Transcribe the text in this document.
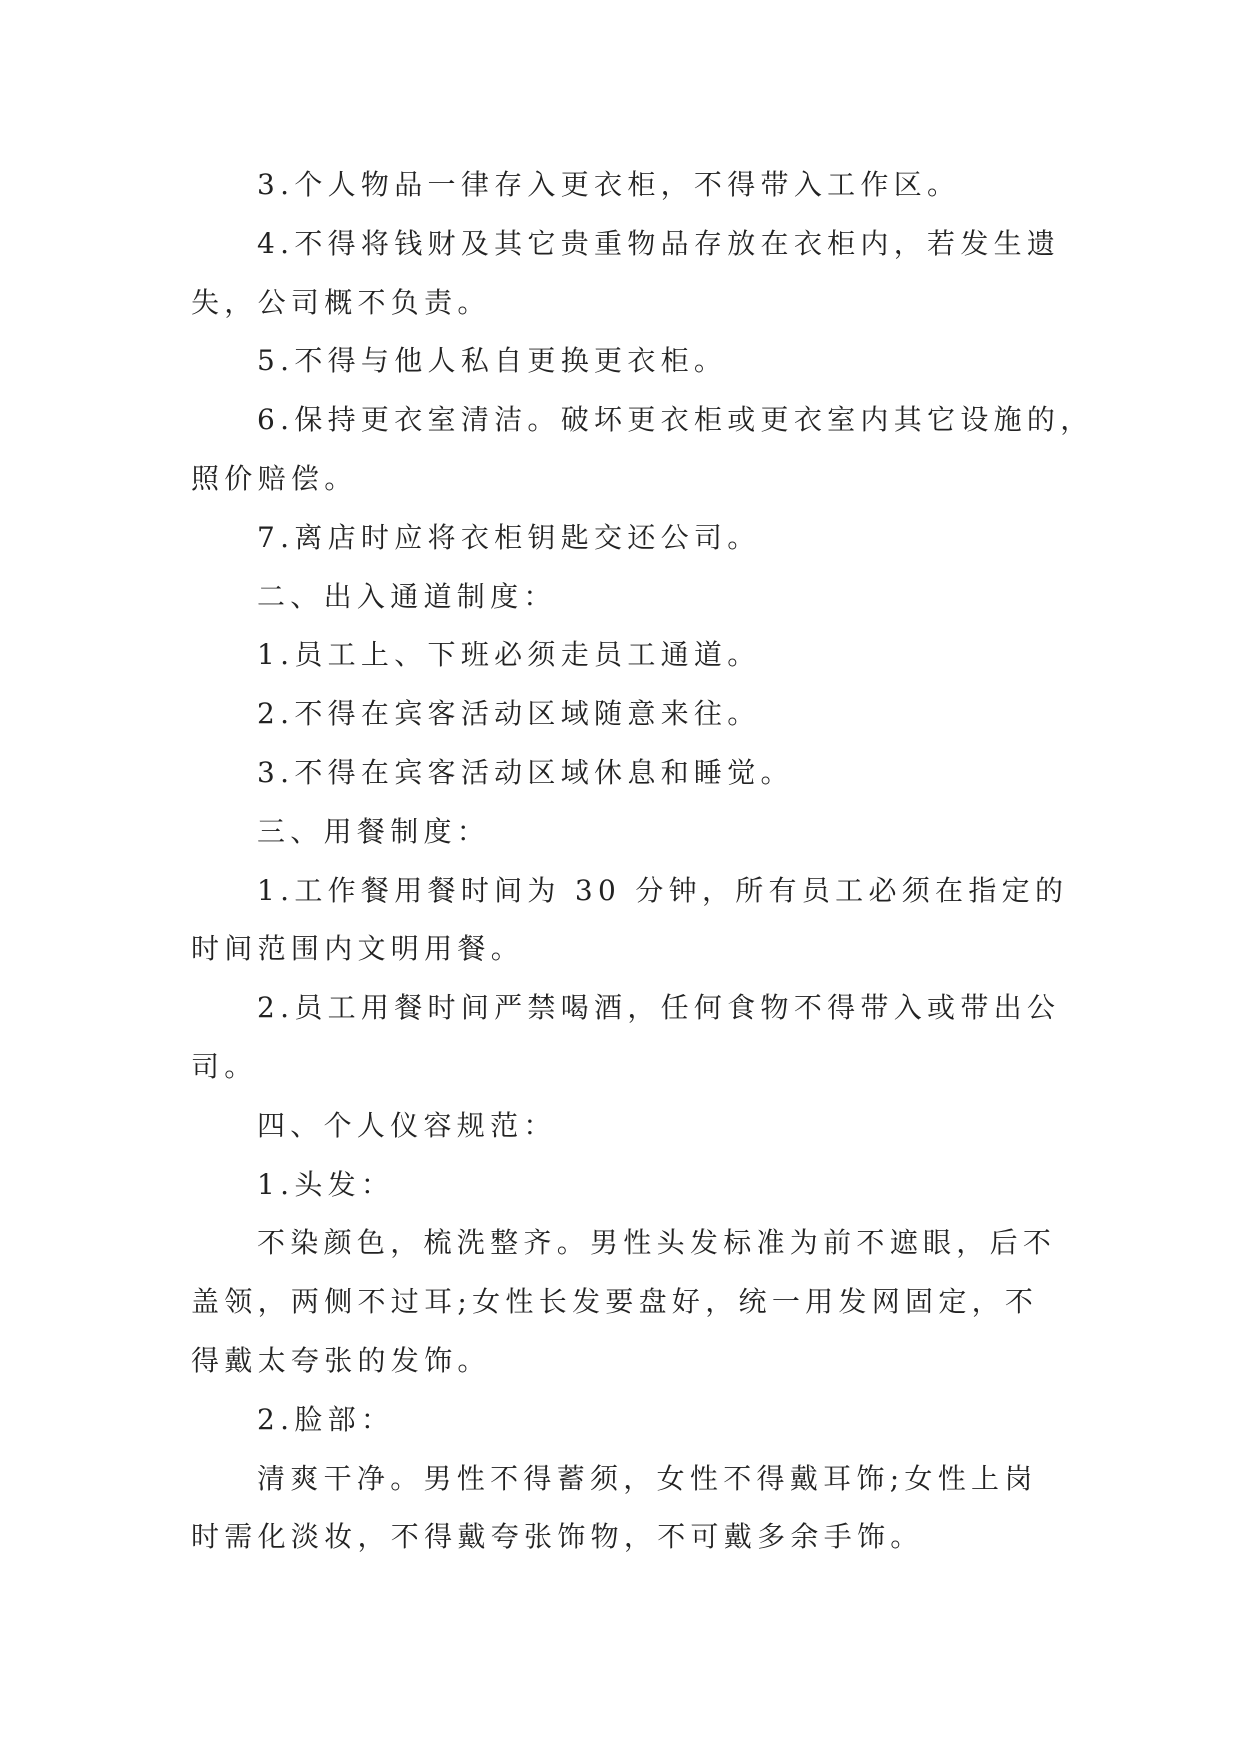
3.个人物品一律存入更衣柜，不得带入工作区。
4.不得将钱财及其它贵重物品存放在衣柜内，若发生遗
失，公司概不负责。
5.不得与他人私自更换更衣柜。
6.保持更衣室清洁。破坏更衣柜或更衣室内其它设施的，
照价赔偿。
7.离店时应将衣柜钥匙交还公司。
二、出入通道制度：
1.员工上、下班必须走员工通道。
2.不得在宾客活动区域随意来往。
3.不得在宾客活动区域休息和睡觉。
三、用餐制度：
1.工作餐用餐时间为 30 分钟，所有员工必须在指定的
时间范围内文明用餐。
2.员工用餐时间严禁喝酒，任何食物不得带入或带出公
司。
四、个人仪容规范：
1.头发：
不染颜色，梳洗整齐。男性头发标准为前不遮眼，后不
盖领，两侧不过耳;女性长发要盘好，统一用发网固定，不
得戴太夸张的发饰。
2.脸部：
清爽干净。男性不得蓄须，女性不得戴耳饰;女性上岗
时需化淡妆，不得戴夸张饰物，不可戴多余手饰。
